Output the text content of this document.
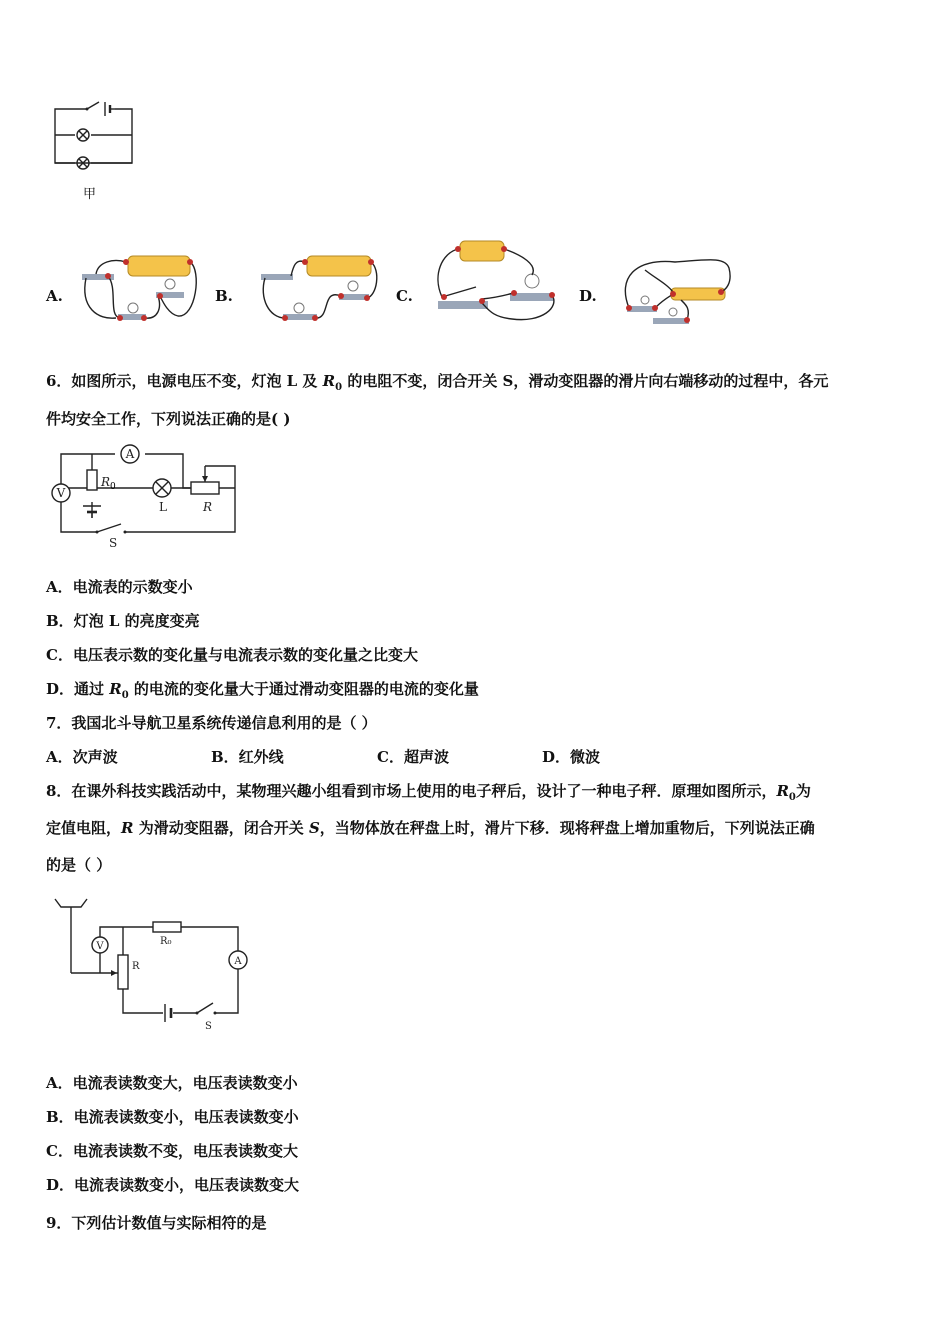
甲
A.	B.	C.	D.
6．如图所示，电源电压不变，灯泡 L 及 $R_0$ 的电阻不变，闭合开关 S，滑动变阻器的滑片向右端移动的过程中，各元
件均安全工作，下列说法正确的是( )
V
A
R 0
S
L	R
A．电流表的示数变小
B．灯泡 L 的亮度变亮
C．电压表示数的变化量与电流表示数的变化量之比变大
D．通过 $R_0$ 的电流的变化量大于通过滑动变阻器的电流的变化量
7．我国北斗导航卫星系统传递信息利用的是（ ）
A．次声波	B．红外线	C．超声波	D．微波
8．在课外科技实践活动中，某物理兴趣小组看到市场上使用的电子秤后，设计了一种电子秤．原理如图所示，$R_0$为
定值电阻，R 为滑动变阻器，闭合开关 S，当物体放在秤盘上时，滑片下移．现将秤盘上增加重物后，下列说法正确
的是（ ）
V	R₀
A
R
S
A．电流表读数变大，电压表读数变小
B．电流表读数变小，电压表读数变小
C．电流表读数不变，电压表读数变大
D．电流表读数变小，电压表读数变大
9．下列估计数值与实际相符的是
